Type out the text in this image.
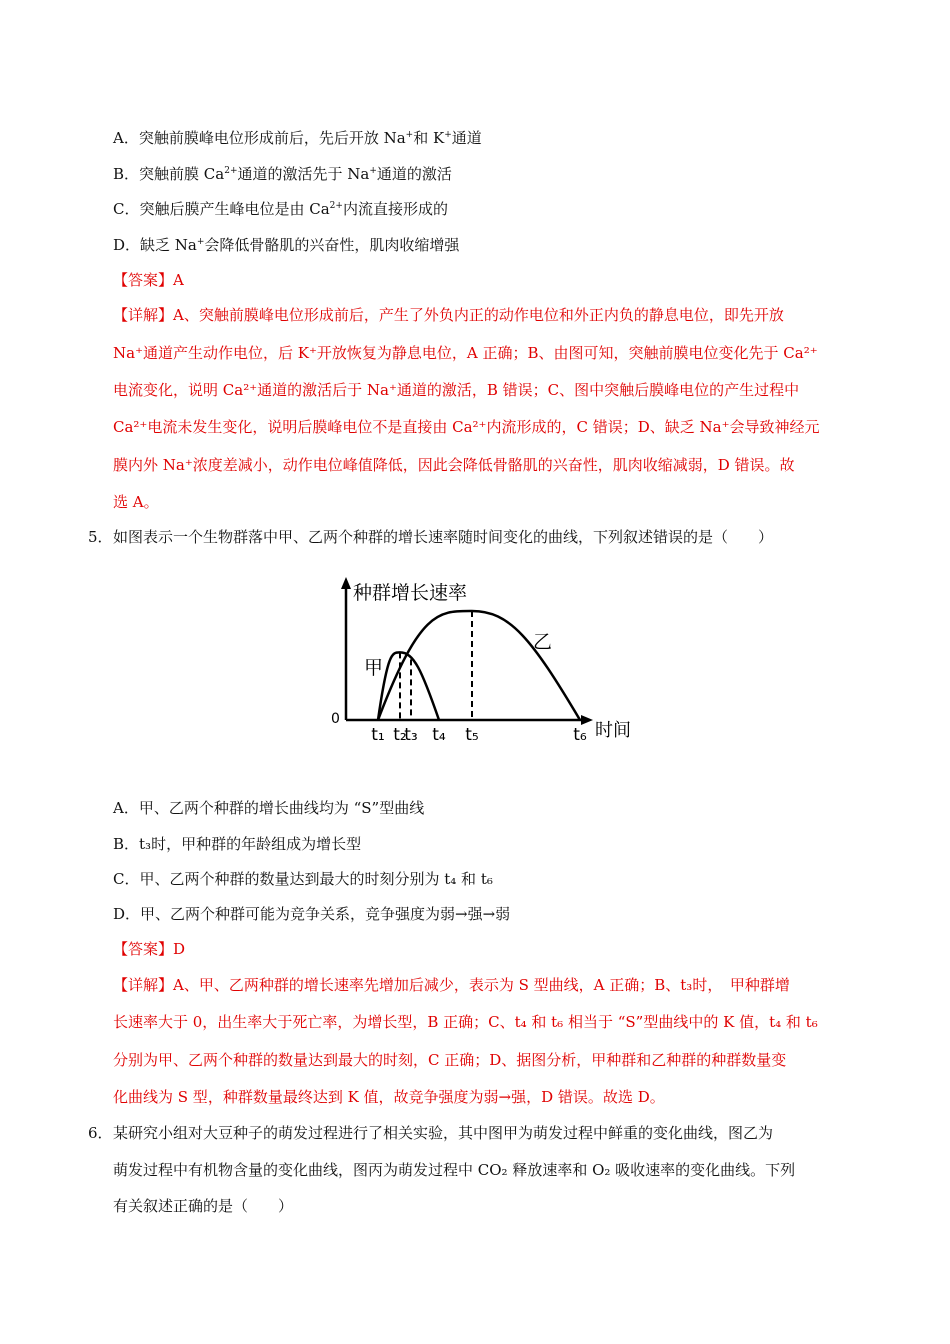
A．突触前膜峰电位形成前后，先后开放 Na+和 K+通道
B．突触前膜 $Ca^{2+}$通道的激活先于 Na+通道的激活
C．突触后膜产生峰电位是由 $Ca^{2+}$内流直接形成的
D．缺乏 Na+会降低骨骼肌的兴奋性，肌肉收缩增强
【答案】A
【详解】A、突触前膜峰电位形成前后，产生了外负内正的动作电位和外正内负的静息电位，即先开放
Na⁺通道产生动作电位，后 K⁺开放恢复为静息电位，A 正确；B、由图可知，突触前膜电位变化先于 Ca²⁺
电流变化，说明 Ca²⁺通道的激活后于 Na⁺通道的激活，B 错误；C、图中突触后膜峰电位的产生过程中
Ca²⁺电流未发生变化，说明后膜峰电位不是直接由 Ca²⁺内流形成的，C 错误；D、缺乏 Na⁺会导致神经元
膜内外 Na⁺浓度差减小，动作电位峰值降低，因此会降低骨骼肌的兴奋性，肌肉收缩减弱，D 错误。故
选 A。
5． 如图表示一个生物群落中甲、乙两个种群的增长速率随时间变化的曲线，下列叙述错误的是（　　）
种群增长速率
时间
0
甲
乙
t₁ t₂
t₃ t₄ t₅	t₆
A．甲、乙两个种群的增长曲线均为 “S”型曲线
B．t₃时，甲种群的年龄组成为增长型
C．甲、乙两个种群的数量达到最大的时刻分别为 t₄ 和 t₆
D．甲、乙两个种群可能为竞争关系，竞争强度为弱→强→弱
【答案】D
【详解】A、甲、乙两种群的增长速率先增加后减少，表示为 S 型曲线，A 正确；B、t₃时，　甲种群增
长速率大于 0，出生率大于死亡率，为增长型，B 正确；C、t₄ 和 t₆ 相当于 “S”型曲线中的 K 值，t₄ 和 t₆
分别为甲、乙两个种群的数量达到最大的时刻，C 正确；D、据图分析，甲种群和乙种群的种群数量变
化曲线为 S 型，种群数量最终达到 K 值，故竞争强度为弱→强，D 错误。故选 D。
6． 某研究小组对大豆种子的萌发过程进行了相关实验，其中图甲为萌发过程中鲜重的变化曲线，图乙为
萌发过程中有机物含量的变化曲线，图丙为萌发过程中 CO₂ 释放速率和 O₂ 吸收速率的变化曲线。下列
有关叙述正确的是（　　）
